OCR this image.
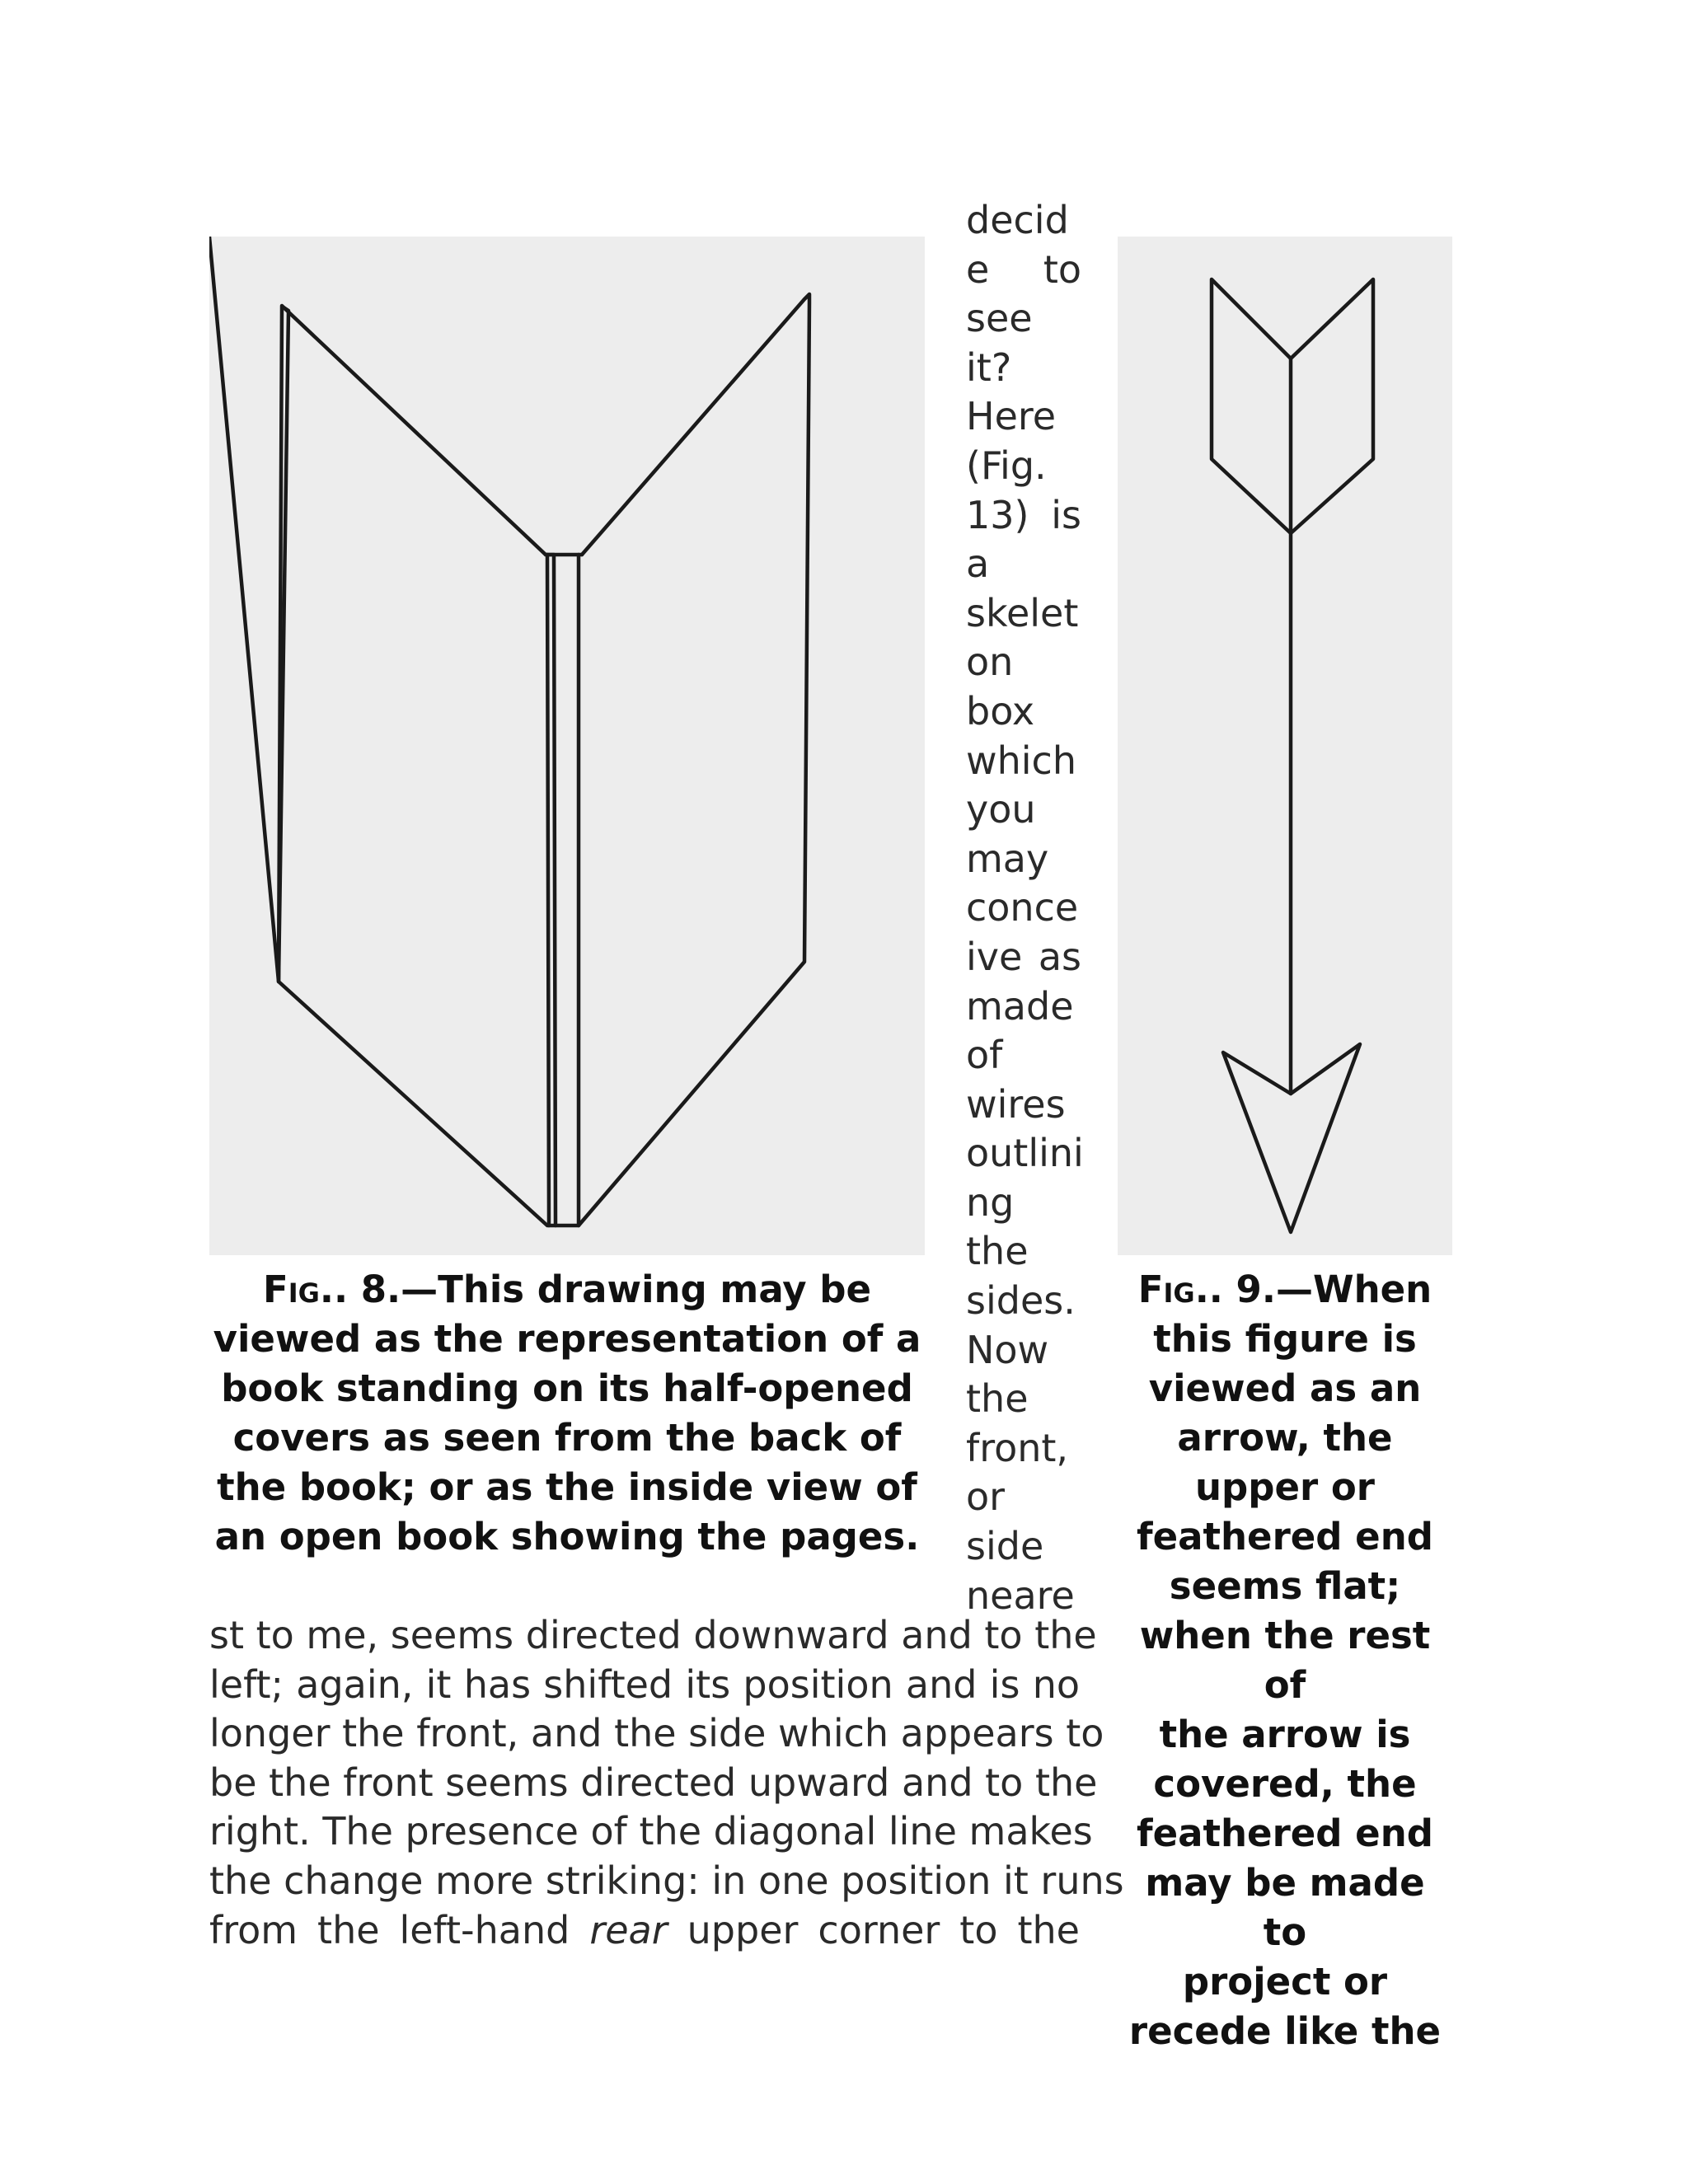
Fig.. 8.—This drawing may be
viewed as the representation of a
book standing on its half-opened
covers as seen from the back of
the book; or as the inside view of
an open book showing the pages.
decid
e to
see
it?
Here
(Fig.
13) is
a
skelet
on
box
which
you
may
conce
ive as
made
of
wires
outlini
ng
the
sides.
Now
the
front,
or
side
neare
Fig.. 9.—When
this figure is
viewed as an
arrow, the
upper or
feathered end
seems flat;
when the rest of
the arrow is
covered, the
feathered end
may be made to
project or
recede like the
st to me, seems directed downward and to the
left; again, it has shifted its position and is no
longer the front, and the side which appears to
be the front seems directed upward and to the
right. The presence of the diagonal line makes
the change more striking: in one position it runs
from the left-hand rear upper corner to the
